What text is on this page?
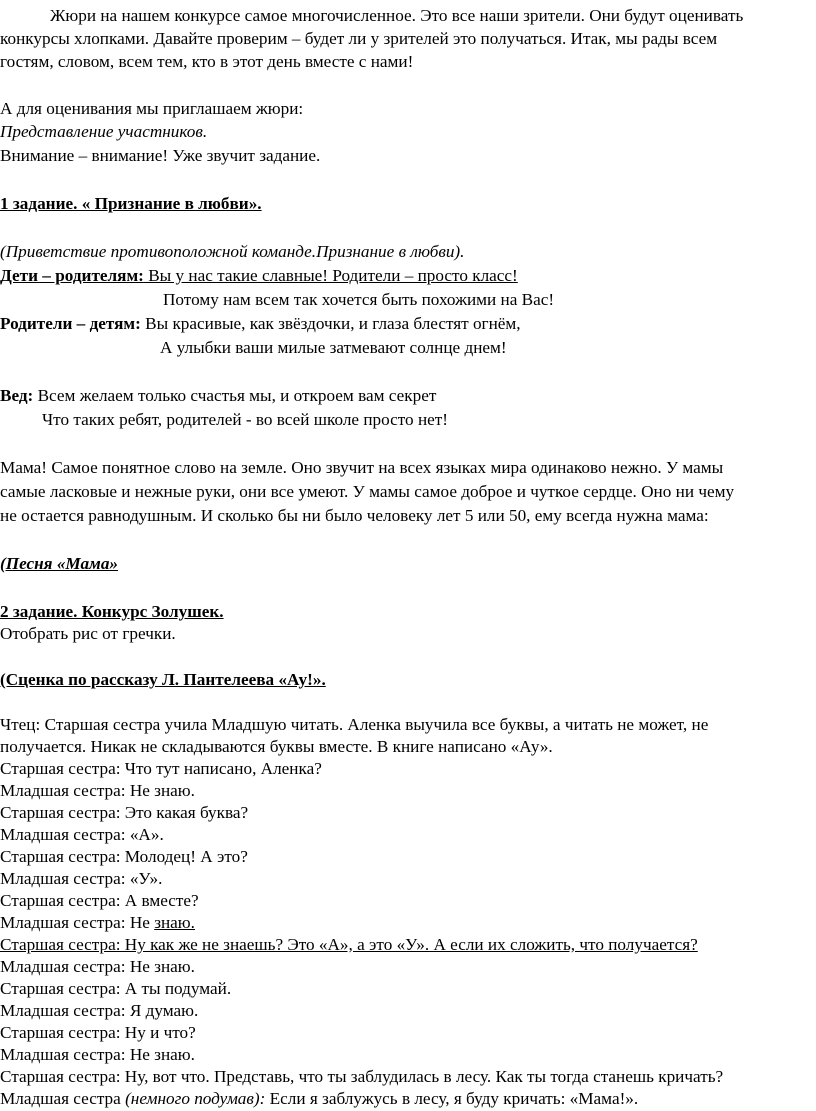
Жюри на нашем конкурсе самое многочисленное. Это все наши зрители. Они будут оценивать
конкурсы хлопками. Давайте проверим – будет ли у зрителей это получаться. Итак, мы рады всем
гостям, словом, всем тем, кто в этот день вместе с нами!
А для оценивания мы приглашаем жюри:
Представление участников.
Внимание – внимание! Уже звучит задание.
1 задание. « Признание в любви».
(Приветствие противоположной команде.Признание в любви).
Дети – родителям: Вы у нас такие славные! Родители – просто класс!
Потому нам всем так хочется быть похожими на Вас!
Родители – детям: Вы красивые, как звёздочки, и глаза блестят огнём,
А улыбки ваши милые затмевают солнце днем!
Вед: Всем желаем только счастья мы, и откроем вам секрет
Что таких ребят, родителей - во всей школе просто нет!
Мама! Самое понятное слово на земле. Оно звучит на всех языках мира одинаково нежно. У мамы
самые ласковые и нежные руки, они все умеют. У мамы самое доброе и чуткое сердце. Оно ни чему
не остается равнодушным. И сколько бы ни было человеку лет 5 или 50, ему всегда нужна мама:
(Песня «Мама»
2 задание. Конкурс Золушек.
Отобрать рис от гречки.
(Сценка по рассказу Л. Пантелеева «Ау!».
Чтец: Старшая сестра учила Младшую читать. Аленка выучила все буквы, а читать не может, не
получается. Никак не складываются буквы вместе. В книге написано «Ау».
Старшая сестра: Что тут написано, Аленка?
Младшая сестра: Не знаю.
Старшая сестра: Это какая буква?
Младшая сестра: «А».
Старшая сестра: Молодец! А это?
Младшая сестра: «У».
Старшая сестра: А вместе?
Младшая сестра: Не знаю.
Старшая сестра: Ну как же не знаешь? Это «А», а это «У». А если их сложить, что получается?
Младшая сестра: Не знаю.
Старшая сестра: А ты подумай.
Младшая сестра: Я думаю.
Старшая сестра: Ну и что?
Младшая сестра: Не знаю.
Старшая сестра: Ну, вот что. Представь, что ты заблудилась в лесу. Как ты тогда станешь кричать?
Младшая сестра (немного подумав): Если я заблужусь в лесу, я буду кричать: «Мама!».
